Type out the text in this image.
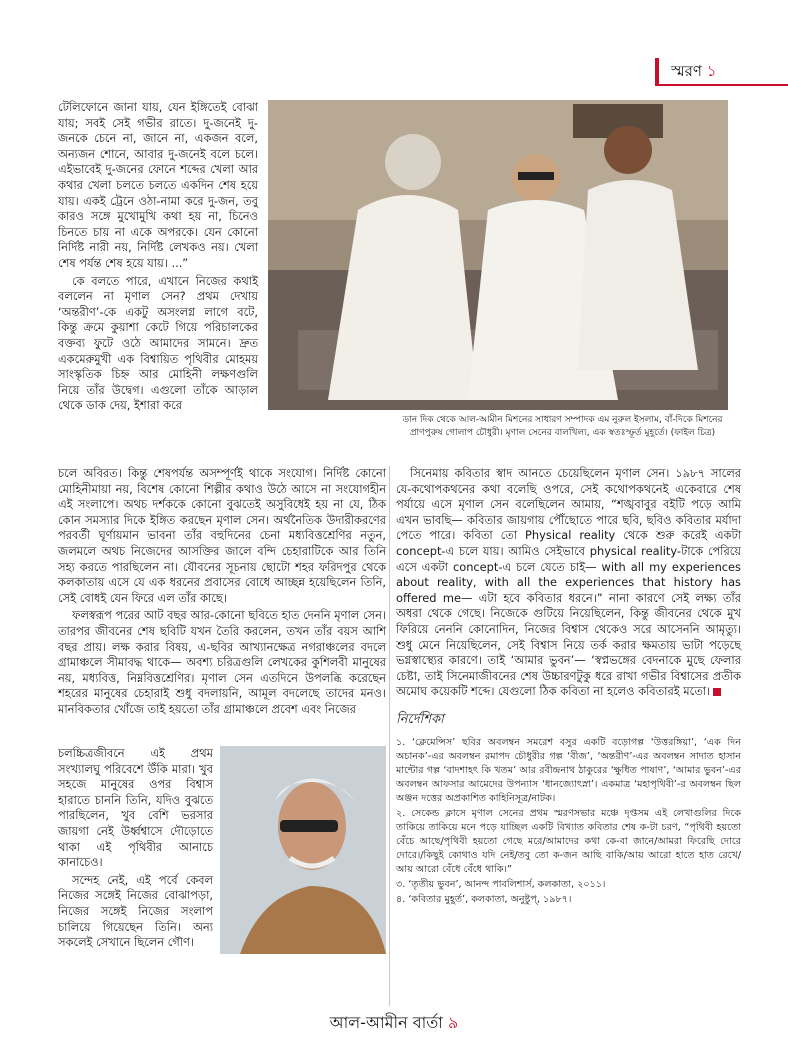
স্মরণ ১

টেলিফোনে জানা যায়, যেন ইঙ্গিতেই বোঝা যায়; সবই সেই গভীর রাতে। দু-জনেই দু-জনকে চেনে না, জানে না, একজন বলে, অন্যজন শোনে, আবার দু-জনেই বলে চলে। এইভাবেই দু-জনের ফোনে শব্দের খেলা আর কথার খেলা চলতে চলতে একদিন শেষ হয়ে যায়। একই ট্রেনে ওঠা-নামা করে দু-জন, তবু কারও সঙ্গে মুখোমুখি কথা হয় না, চিনেও চিনতে চায় না একে অপরকে। যেন কোনো নির্দিষ্ট নারী নয়, নির্দিষ্ট লেখকও নয়। খেলা শেষ পর্যন্ত শেষ হয়ে যায়। ...”

কে বলতে পারে, এখানে নিজের কথাই বললেন না মৃণাল সেন? প্রথম দেখায় ‘অন্তরীণ’-কে একটু অসংলগ্ন লাগে বটে, কিন্তু ক্রমে কুয়াশা কেটে গিয়ে পরিচালকের বক্তব্য ফুটে ওঠে আমাদের সামনে। দ্রুত একমেরুমুখী এক বিশ্বায়িত পৃথিবীর মোহময় সাংস্কৃতিক চিহ্ন আর মোহিনী লক্ষণগুলি নিয়ে তাঁর উদ্বেগ। এগুলো তাঁকে আড়াল থেকে ডাক দেয়, ইশারা করে

ডান দিক থেকে আল-আমীন মিশনের সাধারণ সম্পাদক এম নুরুল ইসলাম, বাঁ-দিকে মিশনের প্রাণপুরুষ গোলাপ চৌধুরী। মৃণাল সেনের বালখিল্য, এক স্বতঃস্ফূর্ত মুহূর্তে। (ফাইল চিত্র)

চলে অবিরত। কিন্তু শেষপর্যন্ত অসম্পূর্ণই থাকে সংযোগ। নির্দিষ্ট কোনো মোহিনীমায়া নয়, বিশেষ কোনো শিল্পীর কথাও উঠে আসে না সংযোগহীন এই সংলাপে। অথচ দর্শককে কোনো বুঝতেই অসুবিধেই হয় না যে, ঠিক কোন সমস্যার দিকে ইঙ্গিত করছেন মৃণাল সেন। অর্থনৈতিক উদারীকরণের পরবর্তী ঘূর্ণায়মান ভাবনা তাঁর বহুদিনের চেনা মধ্যবিত্তশ্রেণির নতুন, জলমলে অথচ নিজেদের আসক্তির জালে বন্দি চেহারাটিকে আর তিনি সহ্য করতে পারছিলেন না। যৌবনের সূচনায় ছোটো শহর ফরিদপুর থেকে কলকাতায় এসে যে এক ধরনের প্রবাসের বোধে আচ্ছন্ন হয়েছিলেন তিনি, সেই বোধই যেন ফিরে এল তাঁর কাছে।

ফলস্বরূপ পরের আট বছর আর-কোনো ছবিতে হাত দেননি মৃণাল সেন। তারপর জীবনের শেষ ছবিটি যখন তৈরি করলেন, তখন তাঁর বয়স আশি বছর প্রায়। লক্ষ করার বিষয়, এ-ছবির আখ্যানক্ষেত্র নগরাঞ্চলের বদলে গ্রামাঞ্চলে সীমাবদ্ধ থাকে— অবশ্য চরিত্রগুলি লেখকের কুশিলবী মানুষের নয়, মধ্যবিত্ত, নিম্নবিত্তশ্রেণির। মৃণাল সেন এতদিনে উপলব্ধি করেছেন শহরের মানুষের চেহারাই শুধু বদলায়নি, আমূল বদলেছে তাদের মনও। মানবিকতার খোঁজে তাই হয়তো তাঁর গ্রামাঞ্চলে প্রবেশ এবং নিজের

চলচ্চিত্রজীবনে এই প্রথম সংখ্যালঘু পরিবেশে উঁকি মারা। খুব সহজে মানুষের ওপর বিশ্বাস হারাতে চাননি তিনি, যদিও বুঝতে পারছিলেন, খুব বেশি ভরসার জায়গা নেই উর্ধ্বশ্বাসে দৌড়োতে থাকা এই পৃথিবীর আনাচে কানাচেও।

সন্দেহ নেই, এই পর্বে কেবল নিজের সঙ্গেই নিজের বোঝাপড়া, নিজের সঙ্গেই নিজের সংলাপ চালিয়ে গিয়েছেন তিনি। অন্য সকলেই সেখানে ছিলেন গৌণ।

সিনেমায় কবিতার স্বাদ আনতে চেয়েছিলেন মৃণাল সেন। ১৯৮৭ সালের যে-কথোপকথনের কথা বলেছি ওপরে, সেই কথোপকথনেই একেবারে শেষ পর্যায়ে এসে মৃণাল সেন বলেছিলেন আমায়, “শঙ্খবাবুর বইটি পড়ে আমি এখন ভাবছি— কবিতার জায়গায় পৌঁছোতে পারে ছবি, ছবিও কবিতার মর্যাদা পেতে পারে। কবিতা তো Physical reality থেকে শুরু করেই একটা concept-এ চলে যায়। আমিও সেইভাবে physical reality-টাকে পেরিয়ে এসে একটা concept-এ চলে যেতে চাই— with all my experiences about reality, with all the experiences that history has offered me— এটা হবে কবিতার ধরনে।” নানা কারণে সেই লক্ষ্য তাঁর অধরা থেকে গেছে। নিজেকে গুটিয়ে নিয়েছিলেন, কিন্তু জীবনের থেকে মুখ ফিরিয়ে নেননি কোনোদিন, নিজের বিশ্বাস থেকেও সরে আসেননি আমৃত্যু। শুধু মেনে নিয়েছিলেন, সেই বিশ্বাস নিয়ে তর্ক করার ক্ষমতায় ভাটা পড়েছে ভগ্নস্বাস্থ্যের কারণে। তাই ‘আমার ভুবন’— ‘স্বপ্নভঙ্গের বেদনাকে মুছে ফেলার চেষ্টা, তাই সিনেমাজীবনের শেষ উচ্চারণটুকু ধরে রাখা গভীর বিশ্বাসের প্রতীক অমোঘ কয়েকটি শব্দে। যেগুলো ঠিক কবিতা না হলেও কবিতারই মতো।

নির্দেশিকা

১. ‘ক্লেমেন্সিস’ ছবির অবলম্বন সমরেশ বসুর একটি বড়োগল্প ‘উত্তরঙ্গিয়া’, ‘এক দিন অচানক’-এর অবলম্বন রমাপদ চৌধুরীর গল্প ‘বীজ’, ‘অন্তরীণ’-এর অবলম্বন সাদাত হাসান মান্টোর গল্প ‘বাদশাহৎ কি খতম’ আর রবীন্দ্রনাথ ঠাকুরের ‘ক্ষুধিত পাষাণ’, ‘আমার ভুবন’-এর অবলম্বন আফসার আমেদের উপন্যাস ‘ধানজ্যোৎস্না’। একমাত্র ‘মহাপৃথিবী’-র অবলম্বন ছিল অঞ্জন দত্তের অপ্রকাশিত কাহিনিসূত্র/নাটক।

২. সেকেন্ড ক্লাসে মৃণাল সেনের প্রথম স্মরণসভার মঞ্চে দৃপ্তসম এই লেখাগুলির দিকে তাকিয়ে তাকিয়ে মনে পড়ে যাচ্ছিল একটি বিখ্যাত কবিতার শেষ ক-টা চরণ, “পৃথিবী হয়তো বেঁচে আছে/পৃথিবী হয়তো গেছে মরে/আমাদের কথা কে-বা জানে/আমরা ফিরেছি দোরে দোরে।/কিছুই কোথাও যদি নেই/তবু তো ক-জন আছি বাকি/আয় আরো হাতে হাত রেখে/আয় আরো বেঁধে বেঁধে থাকি।”

৩. ‘তৃতীয় ভুবন’, আনন্দ পাবলিশার্স, কলকাতা, ২০১১।

৪. ‘কবিতার মুহূর্ত’, কলকাতা, অনুষ্টুপ্‌, ১৯৮৭।

আল-আমীন বার্তা ৯
